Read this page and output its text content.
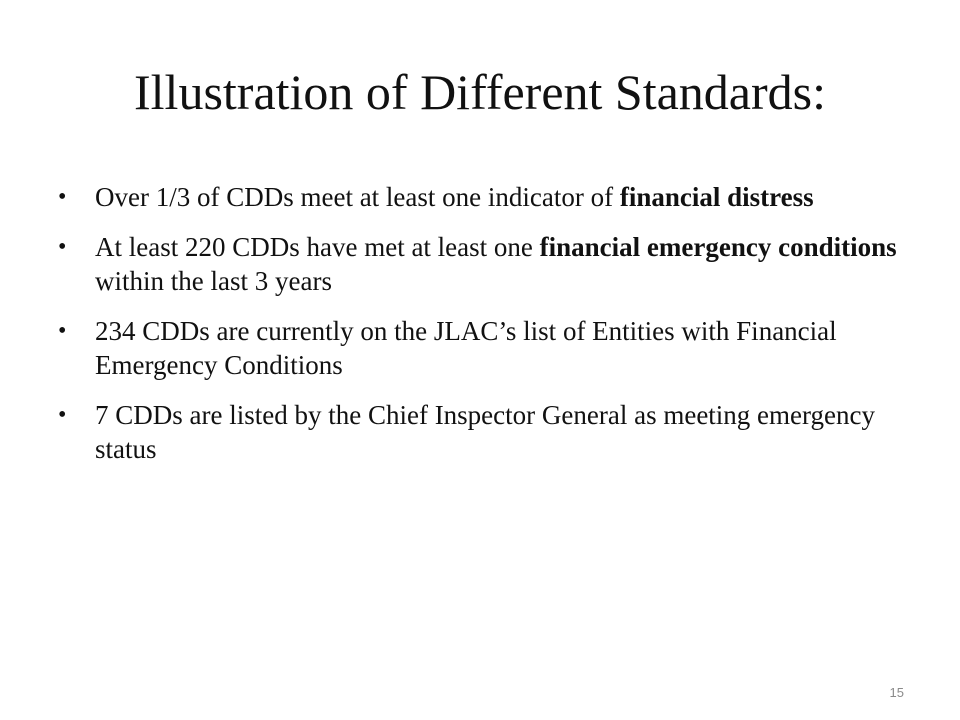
Illustration of Different Standards:
• Over 1/3 of CDDs meet at least one indicator of financial distress
• At least 220 CDDs have met at least one financial emergency conditions within the last 3 years
• 234 CDDs are currently on the JLAC’s list of Entities with Financial Emergency Conditions
• 7 CDDs are listed by the Chief Inspector General as meeting emergency status
15
